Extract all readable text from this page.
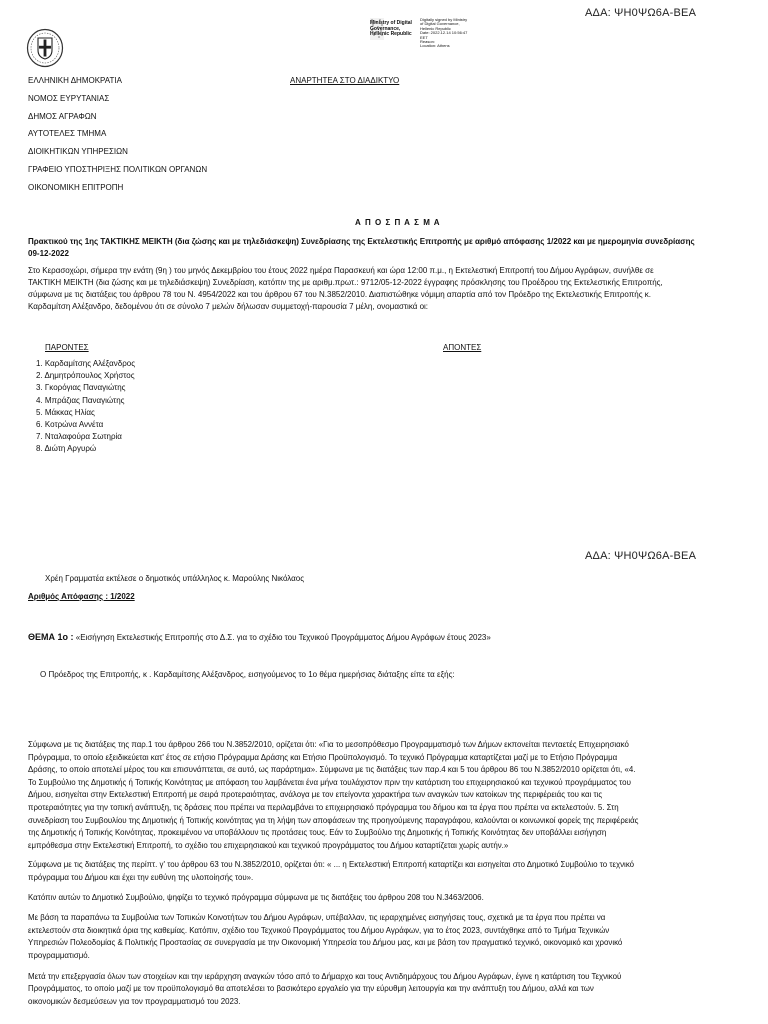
ΑΔΑ: ΨΗ0ΨΩ6Α-ΒΕΑ
Ministry of Digital
Governance,
Hellenic Republic
Digitally signed by Ministry
of Digital Governance,
Hellenic Republic
Date: 2022.12.14 10:56:47
EET
Reason:
Location: Athens
ΕΛΛΗΝΙΚΗ ΔΗΜΟΚΡΑΤΙΑ
ΝΟΜΟΣ ΕΥΡΥΤΑΝΙΑΣ
ΔΗΜΟΣ ΑΓΡΑΦΩΝ
ΑΥΤΟΤΕΛΕΣ ΤΜΗΜΑ
ΔΙΟΙΚΗΤΙΚΩΝ ΥΠΗΡΕΣΙΩΝ
ΓΡΑΦΕΙΟ ΥΠΟΣΤΗΡΙΞΗΣ ΠΟΛΙΤΙΚΩΝ ΟΡΓΑΝΩΝ
ΟΙΚΟΝΟΜΙΚΗ ΕΠΙΤΡΟΠΗ
ΑΝΑΡΤΗΤΕΑ ΣΤΟ ΔΙΑΔΙΚΤΥΟ
Α Π Ο Σ Π Α Σ Μ Α
Πρακτικού της 1ης ΤΑΚΤΙΚΗΣ ΜΕΙΚΤΗ (δια ζώσης και με τηλεδιάσκεψη) Συνεδρίασης της Εκτελεστικής Επιτροπής με αριθμό απόφασης 1/2022 και με ημερομηνία συνεδρίασης
09-12-2022
Στο Κερασοχώρι, σήμερα την ενάτη (9η ) του μηνός Δεκεμβρίου του έτους 2022 ημέρα Παρασκευή και ώρα 12:00 π.μ., η Εκτελεστική Επιτροπή του Δήμου Αγράφων, συνήλθε σε
ΤΑΚΤΙΚΗ ΜΕΙΚΤΗ (δια ζώσης και με τηλεδιάσκεψη) Συνεδρίαση, κατόπιν της με αριθμ.πρωτ.: 9712/05-12-2022 έγγραφης πρόσκλησης του Προέδρου της Εκτελεστικής Επιτροπής,
σύμφωνα με τις διατάξεις του άρθρου 78 του Ν. 4954/2022 και του άρθρου 67 του Ν.3852/2010. Διαπιστώθηκε νόμιμη απαρτία από τον Πρόεδρο της Εκτελεστικής Επιτροπής κ.
Καρδαμίτση Αλέξανδρο, δεδομένου ότι σε σύνολο 7 μελών δήλωσαν συμμετοχή-παρουσία 7 μέλη, ονομαστικά οι:
ΠΑΡΟΝΤΕΣ	ΑΠΟΝΤΕΣ
1. Καρδαμίτσης Αλέξανδρος
2. Δημητρόπουλος Χρήστος
3. Γκορόγιας Παναγιώτης
4. Μπράζιας Παναγιώτης
5. Μάκκας Ηλίας
6. Κοτρώνα Αννέτα
7. Νταλαφούρα Σωτηρία
8. Διώτη Αργυρώ
ΑΔΑ: ΨΗ0ΨΩ6Α-ΒΕΑ
Χρέη Γραμματέα εκτέλεσε ο δημοτικός υπάλληλος κ. Μαρούλης Νικόλαος
Αριθμός Απόφασης : 1/2022
ΘΕΜΑ 1ο : «Εισήγηση Εκτελεστικής Επιτροπής στο Δ.Σ. για το σχέδιο του Τεχνικού Προγράμματος Δήμου Αγράφων έτους 2023»
Ο Πρόεδρος της Επιτροπής, κ . Καρδαμίτσης Αλέξανδρος, εισηγούμενος το 1ο θέμα ημερήσιας διάταξης είπε τα εξής:
Σύμφωνα με τις διατάξεις της παρ.1 του άρθρου 266 του Ν.3852/2010, ορίζεται ότι: «Για το μεσοπρόθεσμο Προγραμματισμό των Δήμων εκπονείται πενταετές Επιχειρησιακό
Πρόγραμμα, το οποίο εξειδικεύεται κατ' έτος σε ετήσιο Πρόγραμμα Δράσης και Ετήσιο Προϋπολογισμό. Το τεχνικό Πρόγραμμα καταρτίζεται μαζί με το Ετήσιο Πρόγραμμα
Δράσης, το οποίο αποτελεί μέρος του και επισυνάπτεται, σε αυτό, ως παράρτημα». Σύμφωνα με τις διατάξεις των παρ.4 και 5 του άρθρου 86 του Ν.3852/2010 ορίζεται ότι, «4.
Το Συμβούλιο της Δημοτικής ή Τοπικής Κοινότητας με απόφαση του λαμβάνεται ένα μήνα τουλάχιστον πριν την κατάρτιση του επιχειρησιακού και τεχνικού προγράμματος του
Δήμου, εισηγείται στην Εκτελεστική Επιτροπή με σειρά προτεραιότητας, ανάλογα με τον επείγοντα χαρακτήρα των αναγκών των κατοίκων της περιφέρειάς του και τις
προτεραιότητες για την τοπική ανάπτυξη, τις δράσεις που πρέπει να περιλαμβάνει το επιχειρησιακό πρόγραμμα του δήμου και τα έργα που πρέπει να εκτελεστούν. 5. Στη
συνεδρίαση του Συμβουλίου της Δημοτικής ή Τοπικής κοινότητας για τη λήψη των αποφάσεων της προηγούμενης παραγράφου, καλούνται οι κοινωνικοί φορείς της περιφέρειάς
της Δημοτικής ή Τοπικής Κοινότητας, προκειμένου να υποβάλλουν τις προτάσεις τους. Εάν το Συμβούλιο της Δημοτικής ή Τοπικής Κοινότητας δεν υποβάλλει εισήγηση
εμπρόθεσμα στην Εκτελεστική Επιτροπή, το σχέδιο του επιχειρησιακού και τεχνικού προγράμματος του Δήμου καταρτίζεται χωρίς αυτήν.»
Σύμφωνα με τις διατάξεις της περίπτ. γ' του άρθρου 63 του Ν.3852/2010, ορίζεται ότι: « ... η Εκτελεστική Επιτροπή καταρτίζει και εισηγείται στο Δημοτικό Συμβούλιο το τεχνικό
πρόγραμμα του Δήμου και έχει την ευθύνη της υλοποίησής του».
Κατόπιν αυτών το Δημοτικό Συμβούλιο, ψηφίζει το τεχνικό πρόγραμμα σύμφωνα με τις διατάξεις του άρθρου 208 του Ν.3463/2006.
Με βάση τα παραπάνω τα Συμβούλια των Τοπικών Κοινοτήτων του Δήμου Αγράφων, υπέβαλλαν, τις ιεραρχημένες εισηγήσεις τους, σχετικά με τα έργα που πρέπει να
εκτελεστούν στα διοικητικά όρια της καθεμίας. Κατόπιν, σχέδιο του Τεχνικού Προγράμματος του Δήμου Αγράφων, για το έτος 2023, συντάχθηκε από το Τμήμα Τεχνικών
Υπηρεσιών Πολεοδομίας & Πολιτικής Προστασίας σε συνεργασία με την Οικονομική Υπηρεσία του Δήμου μας, και με βάση τον πραγματικό τεχνικό, οικονομικό και χρονικό
προγραμματισμό.
Μετά την επεξεργασία όλων των στοιχείων και την ιεράρχηση αναγκών τόσο από το Δήμαρχο και τους Αντιδημάρχους του Δήμου Αγράφων, έγινε η κατάρτιση του Τεχνικού
Προγράμματος, το οποίο μαζί με τον προϋπολογισμό θα αποτελέσει το βασικότερο εργαλείο για την εύρυθμη λειτουργία και την ανάπτυξη του Δήμου, αλλά και των
οικονομικών δεσμεύσεων για τον προγραμματισμό του 2023.
